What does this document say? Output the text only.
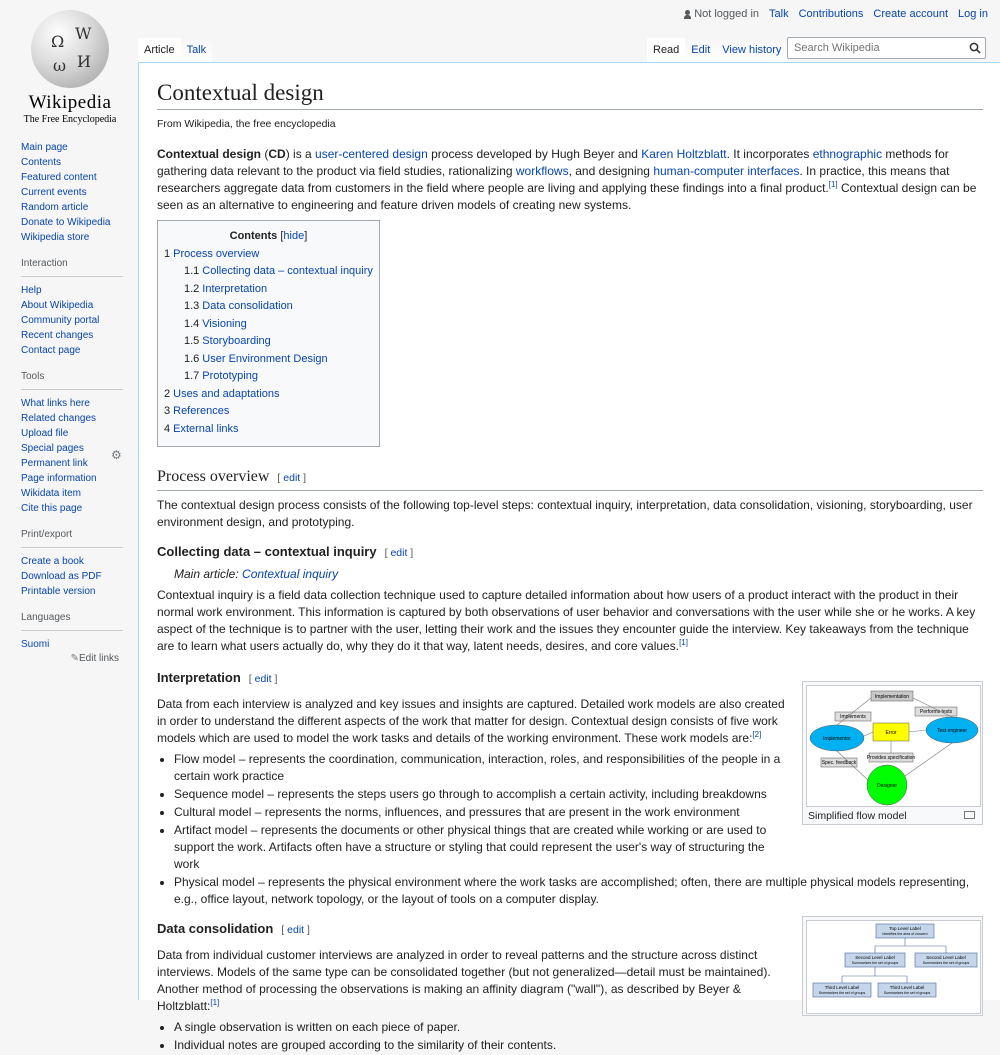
Ω W
И
ω
Wikipedia
The Free Encyclopedia
Not logged in Talk Contributions Create account Log in
Article	Talk	Read	Edit	View history
Search Wikipedia
Main page
Contents
Featured content
Current events
Random article
Donate to Wikipedia
Wikipedia store
Interaction
Help
About Wikipedia
Community portal
Recent changes
Contact page
Tools
What links here
Related changes
Upload file
Special pages
Permanent link
Page information
Wikidata item
Cite this page
Print/export
Create a book
Download as PDF
Printable version
Languages
Suomi
✎Edit links
⚙
Contextual design
From Wikipedia, the free encyclopedia

Contextual design (CD) is a user-centered design process developed by Hugh Beyer and Karen Holtzblatt. It incorporates ethnographic methods for gathering data relevant to the product via field studies, rationalizing workflows, and designing human-computer interfaces. In practice, this means that researchers aggregate data from customers in the field where people are living and applying these findings into a final product.[1] Contextual design can be seen as an alternative to engineering and feature driven models of creating new systems.

Contents [hide]
1 Process overview
1.1 Collecting data – contextual inquiry
1.2 Interpretation
1.3 Data consolidation
1.4 Visioning
1.5 Storyboarding
1.6 User Environment Design
1.7 Prototyping
2 Uses and adaptations
3 References
4 External links
Process overview [ edit ]

The contextual design process consists of the following top-level steps: contextual inquiry, interpretation, data consolidation, visioning, storyboarding, user environment design, and prototyping.

Collecting data – contextual inquiry [ edit ]
Main article: Contextual inquiry

Contextual inquiry is a field data collection technique used to capture detailed information about how users of a product interact with the product in their normal work environment. This information is captured by both observations of user behavior and conversations with the user while she or he works. A key aspect of the technique is to partner with the user, letting their work and the issues they encounter guide the interview. Key takeaways from the technique are to learn what users actually do, why they do it that way, latent needs, desires, and core values.[1]

Interpretation [ edit ]

Data from each interview is analyzed and key issues and insights are captured. Detailed work models are also created in order to understand the different aspects of the work that matter for design. Contextual design consists of five work models which are used to model the work tasks and details of the working environment. These work models are:[2]

• Flow model – represents the coordination, communication, interaction, roles, and responsibilities of the people in a certain work practice
• Sequence model – represents the steps users go through to accomplish a certain activity, including breakdowns
• Cultural model – represents the norms, influences, and pressures that are present in the work environment
• Artifact model – represents the documents or other physical things that are created while working or are used to support the work. Artifacts often have a structure or styling that could represent the user's way of structuring the work
• Physical model – represents the physical environment where the work tasks are accomplished; often, there are multiple physical models representing, e.g., office layout, network topology, or the layout of tools on a computer display.
Data consolidation [ edit ]

Data from individual customer interviews are analyzed in order to reveal patterns and the structure across distinct interviews. Models of the same type can be consolidated together (but not generalized—detail must be maintained). Another method of processing the observations is making an affinity diagram ("wall"), as described by Beyer & Holtzblatt:[1]

• A single observation is written on each piece of paper.
• Individual notes are grouped according to the similarity of their contents.
Implementation
Implements
Performs tests
Implementor
Error	Test engineer
Provides specification
Spec. feedback
Designer
Simplified flow model
Top Level Label
Identifies the area of concern
Second Level Label
Summarizes the set of groups
Second Level Label
Summarizes the set of groups
Third Level Label
Summarizes the set of groups
Third Level Label
Summarizes the set of groups
